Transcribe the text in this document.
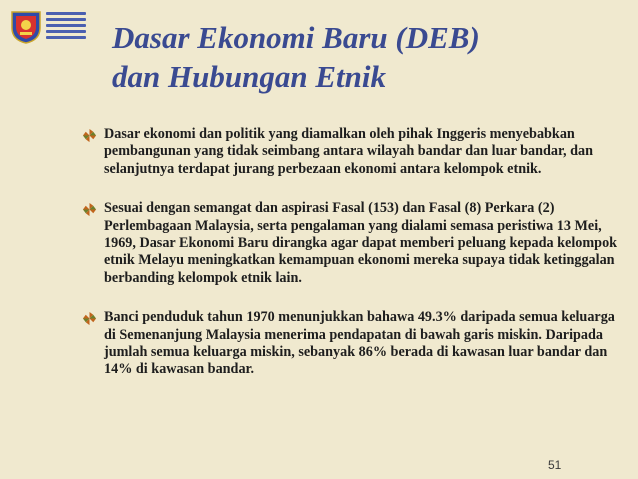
Dasar Ekonomi Baru (DEB)
dan Hubungan Etnik
Dasar ekonomi dan politik yang diamalkan oleh pihak Inggeris menyebabkan pembangunan yang tidak seimbang antara wilayah bandar dan luar bandar, dan selanjutnya terdapat jurang perbezaan ekonomi antara kelompok etnik.
Sesuai dengan semangat dan aspirasi Fasal (153) dan Fasal (8) Perkara (2) Perlembagaan Malaysia, serta pengalaman yang dialami semasa peristiwa 13 Mei, 1969, Dasar Ekonomi Baru dirangka agar dapat memberi peluang kepada kelompok etnik Melayu meningkatkan kemampuan ekonomi mereka supaya tidak ketinggalan berbanding kelompok etnik lain.
Banci penduduk tahun 1970 menunjukkan bahawa 49.3% daripada semua keluarga di Semenanjung Malaysia menerima pendapatan di bawah garis miskin. Daripada jumlah semua keluarga miskin, sebanyak 86% berada di kawasan luar bandar dan 14% di kawasan bandar.
51
